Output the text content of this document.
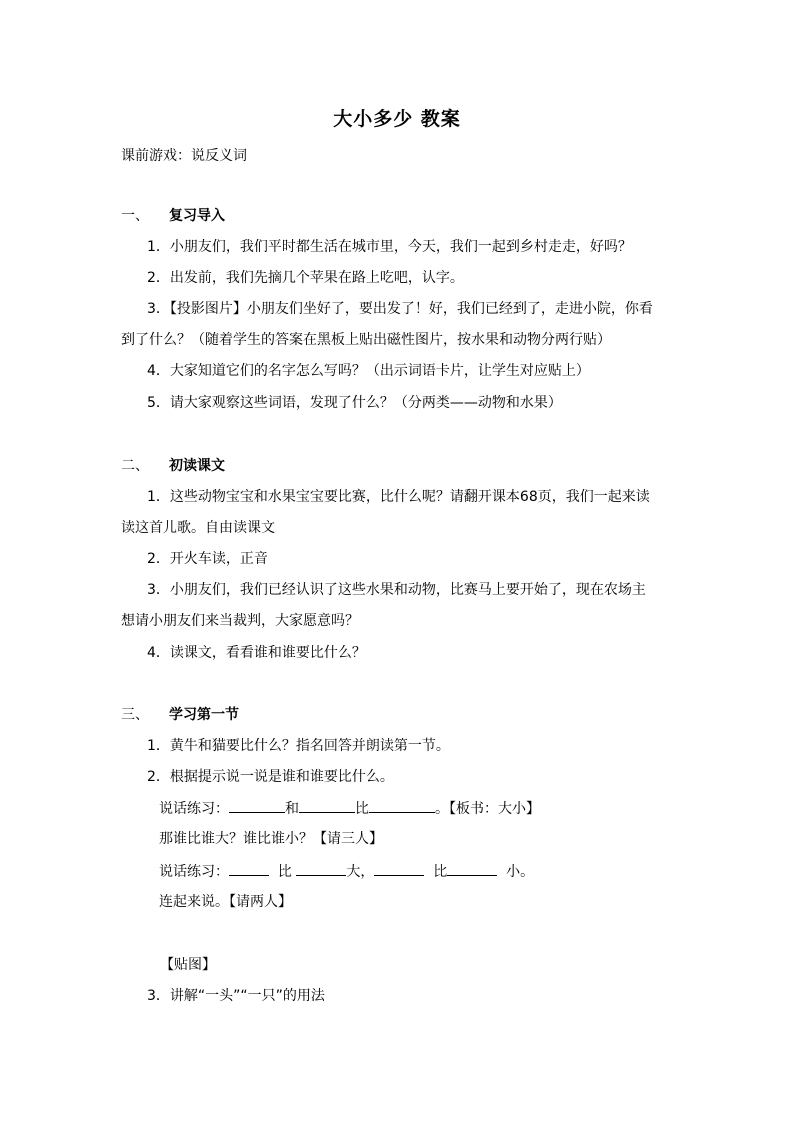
大小多少 教案
课前游戏：说反义词
一、 复习导入
1．小朋友们，我们平时都生活在城市里，今天，我们一起到乡村走走，好吗？
2．出发前，我们先摘几个苹果在路上吃吧，认字。
3．【投影图片】小朋友们坐好了，要出发了！好，我们已经到了，走进小院，你看
到了什么？（随着学生的答案在黑板上贴出磁性图片，按水果和动物分两行贴）
4．大家知道它们的名字怎么写吗？（出示词语卡片，让学生对应贴上）
5．请大家观察这些词语，发现了什么？（分两类——动物和水果）
二、 初读课文
1．这些动物宝宝和水果宝宝要比赛，比什么呢？请翻开课本68页，我们一起来读
读这首儿歌。自由读课文
2．开火车读，正音
3．小朋友们，我们已经认识了这些水果和动物，比赛马上要开始了，现在农场主
想请小朋友们来当裁判，大家愿意吗？
4．读课文，看看谁和谁要比什么？
三、 学习第一节
1．黄牛和猫要比什么？指名回答并朗读第一节。
2．根据提示说一说是谁和谁要比什么。
说话练习：	和	比	。【板书：大小】
那谁比谁大？谁比谁小？【请三人】
说话练习：	比	大，	比	小。
连起来说。【请两人】
【贴图】
3．讲解“一头”“一只”的用法
